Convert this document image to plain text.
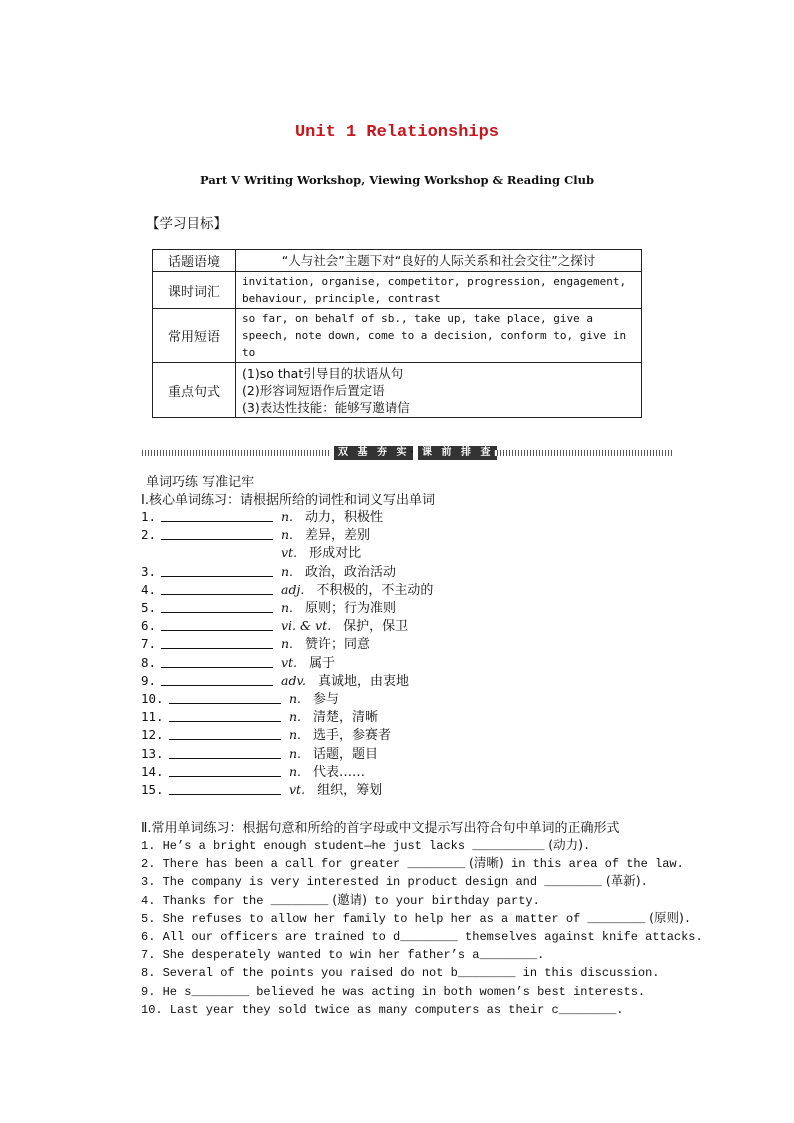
Unit 1 Relationships
Part Ⅴ Writing Workshop, Viewing Workshop & Reading Club
【学习目标】
话题语境	“人与社会”主题下对“良好的人际关系和社会交往”之探讨
课时词汇	invitation, organise, competitor, progression, engagement, behaviour, principle, contrast
常用短语	so far, on behalf of sb., take up, take place, give a speech, note down, come to a decision, conform to, give in to
重点句式	(1)so that引导目的状语从句
(2)形容词短语作后置定语
(3)表达性技能：能够写邀请信
双 基 夯 实 · 课 前 排 查
单词巧练 写准记牢
Ⅰ.核心单词练习：请根据所给的词性和词义写出单词
1.	n. 动力，积极性
2.	n. 差异，差别
vt. 形成对比
3.	n. 政治，政治活动
4.	adj. 不积极的，不主动的
5.	n. 原则；行为准则
6.	vi. & vt. 保护，保卫
7.	n. 赞许；同意
8.	vt. 属于
9.	adv. 真诚地，由衷地
10.	n. 参与
11.	n. 清楚，清晰
12.	n. 选手，参赛者
13.	n. 话题，题目
14.	n. 代表……
15.	vt. 组织，筹划
Ⅱ.常用单词练习：根据句意和所给的首字母或中文提示写出符合句中单词的正确形式
1. He’s a bright enough student—he just lacks __________ (动力).
2. There has been a call for greater ________ (清晰) in this area of the law.
3. The company is very interested in product design and ________ (革新).
4. Thanks for the ________ (邀请) to your birthday party.
5. She refuses to allow her family to help her as a matter of ________ (原则).
6. All our officers are trained to d________ themselves against knife attacks.
7. She desperately wanted to win her father’s a________.
8. Several of the points you raised do not b________ in this discussion.
9. He s________ believed he was acting in both women’s best interests.
10. Last year they sold twice as many computers as their c________.
